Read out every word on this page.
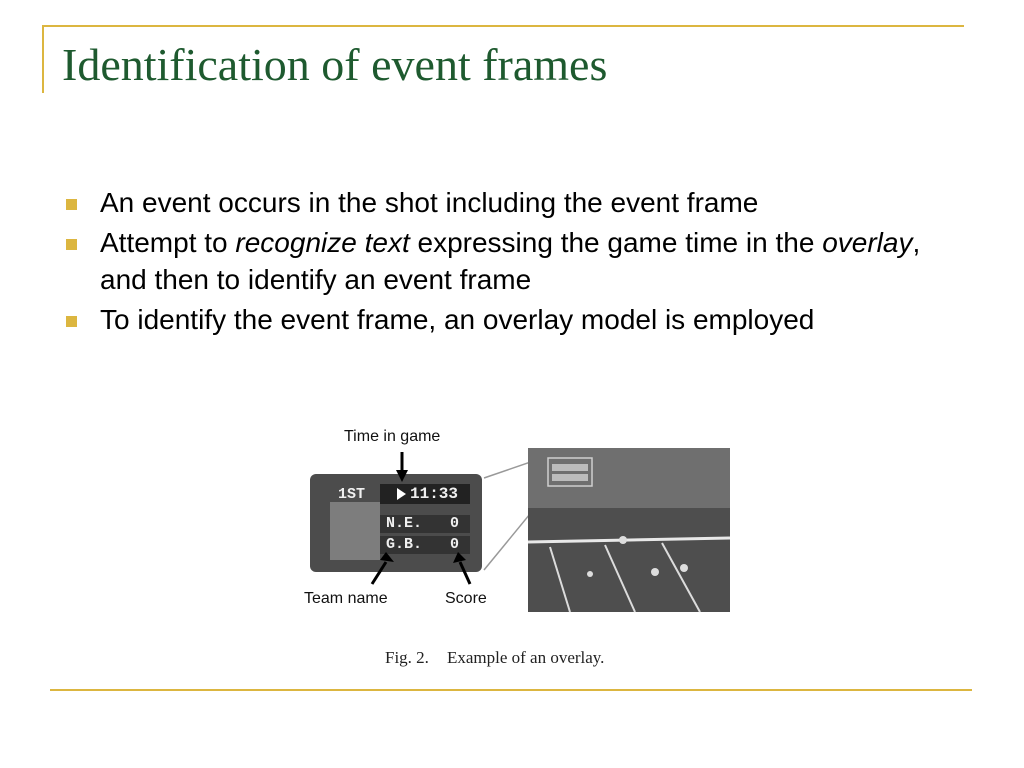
Identification of event frames
An event occurs in the shot including the event frame
Attempt to recognize text expressing the game time in the overlay, and then to identify an event frame
To identify the event frame, an overlay model is employed
Time in game
1ST	11:33
N.E. 0
G.B. 0
Team name	Score
Fig. 2. Example of an overlay.
